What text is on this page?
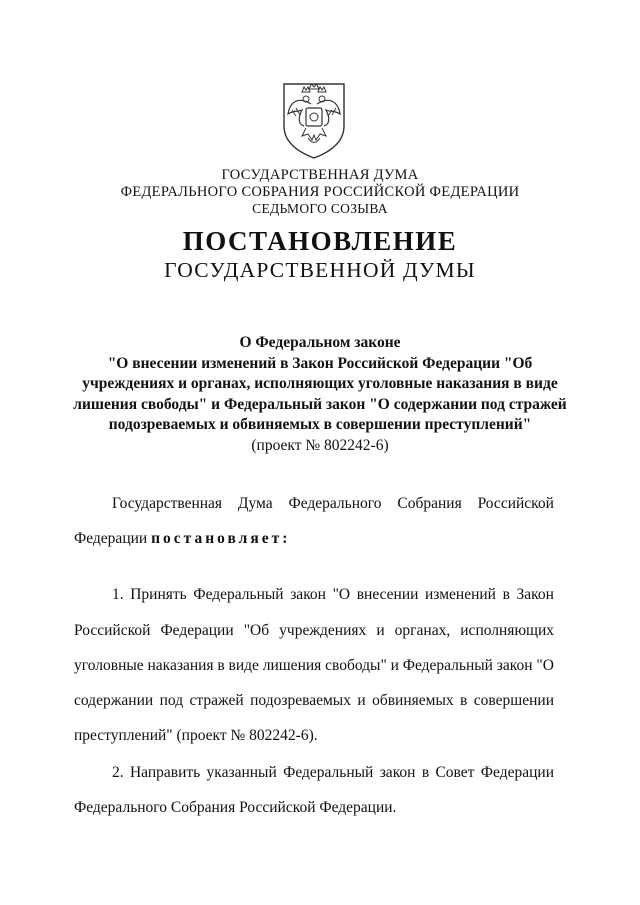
ГОСУДАРСТВЕННАЯ ДУМА
ФЕДЕРАЛЬНОГО СОБРАНИЯ РОССИЙСКОЙ ФЕДЕРАЦИИ
СЕДЬМОГО СОЗЫВА
ПОСТАНОВЛЕНИЕ
ГОСУДАРСТВЕННОЙ ДУМЫ
О Федеральном законе
"О внесении изменений в Закон Российской Федерации "Об
учреждениях и органах, исполняющих уголовные наказания в виде
лишения свободы" и Федеральный закон "О содержании под стражей
подозреваемых и обвиняемых в совершении преступлений"
(проект № 802242-6)
Государственная Дума Федерального Собрания Российской
Федерации постановляет:
1. Принять Федеральный закон "О внесении изменений в Закон
Российской Федерации "Об учреждениях и органах, исполняющих
уголовные наказания в виде лишения свободы" и Федеральный закон "О
содержании под стражей подозреваемых и обвиняемых в совершении
преступлений" (проект № 802242-6).
2. Направить указанный Федеральный закон в Совет Федерации
Федерального Собрания Российской Федерации.
